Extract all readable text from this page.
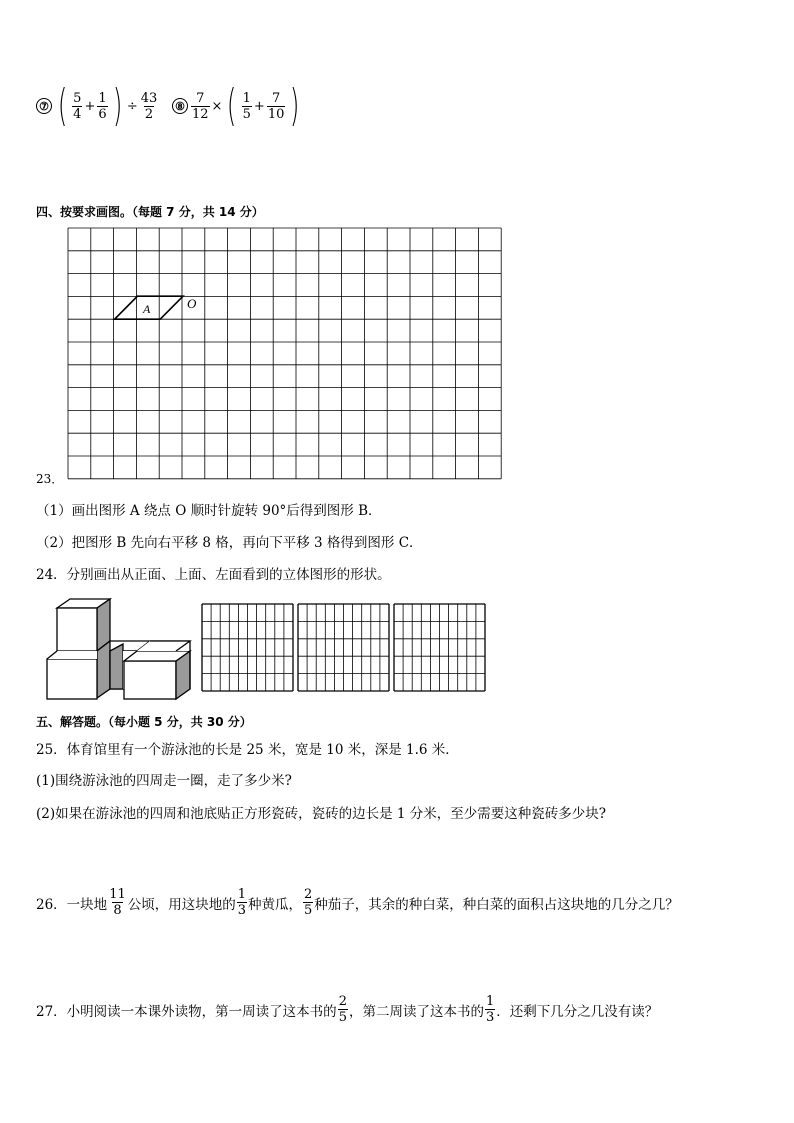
⑦ ( $\frac{5}{4} + \frac{1}{6}$ ) ÷ $\frac{43}{2}$ ⑧ $\frac{7}{12}$ × ( $\frac{1}{5} + \frac{7}{10}$ )
四、按要求画图。（每题 7 分，共 14 分）
A	O
23．
（1）画出图形 A 绕点 O 顺时针旋转 90°后得到图形 B．
（2）把图形 B 先向右平移 8 格，再向下平移 3 格得到图形 C．
24．分别画出从正面、上面、左面看到的立体图形的形状。
五、解答题。（每小题 5 分，共 30 分）
25．体育馆里有一个游泳池的长是 25 米，宽是 10 米，深是 1.6 米．
(1)围绕游泳池的四周走一圈，走了多少米?
(2)如果在游泳池的四周和池底贴正方形瓷砖，瓷砖的边长是 1 分米，至少需要这种瓷砖多少块?
26．一块地 $\frac{11}{8}$ 公顷，用这块地的 $\frac{1}{3}$ 种黄瓜， $\frac{2}{5}$ 种茄子，其余的种白菜，种白菜的面积占这块地的几分之几？
27．小明阅读一本课外读物，第一周读了这本书的 $\frac{2}{5}$ ，第二周读了这本书的 $\frac{1}{3}$ ．还剩下几分之几没有读？
